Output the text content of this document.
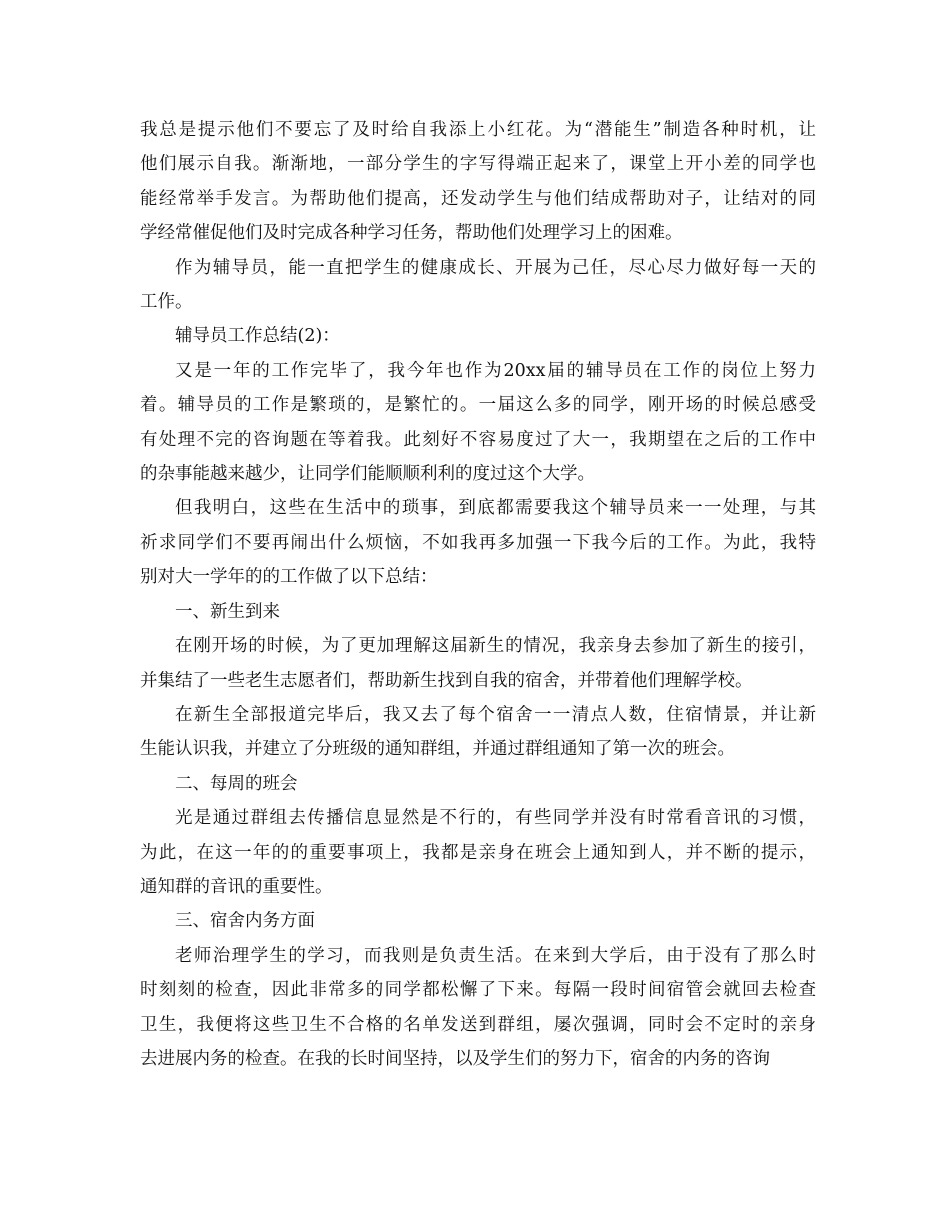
我总是提示他们不要忘了及时给自我添上小红花。为“潜能生”制造各种时机，让
他们展示自我。渐渐地，一部分学生的字写得端正起来了，课堂上开小差的同学也
能经常举手发言。为帮助他们提高，还发动学生与他们结成帮助对子，让结对的同
学经常催促他们及时完成各种学习任务，帮助他们处理学习上的困难。
作为辅导员，能一直把学生的健康成长、开展为己任，尽心尽力做好每一天的
工作。
辅导员工作总结(2)：
又是一年的工作完毕了，我今年也作为20xx届的辅导员在工作的岗位上努力
着。辅导员的工作是繁琐的，是繁忙的。一届这么多的同学，刚开场的时候总感受
有处理不完的咨询题在等着我。此刻好不容易度过了大一，我期望在之后的工作中
的杂事能越来越少，让同学们能顺顺利利的度过这个大学。
但我明白，这些在生活中的琐事，到底都需要我这个辅导员来一一处理，与其
祈求同学们不要再闹出什么烦恼，不如我再多加强一下我今后的工作。为此，我特
别对大一学年的的工作做了以下总结：
一、新生到来
在刚开场的时候，为了更加理解这届新生的情况，我亲身去参加了新生的接引，
并集结了一些老生志愿者们，帮助新生找到自我的宿舍，并带着他们理解学校。
在新生全部报道完毕后，我又去了每个宿舍一一清点人数，住宿情景，并让新
生能认识我，并建立了分班级的通知群组，并通过群组通知了第一次的班会。
二、每周的班会
光是通过群组去传播信息显然是不行的，有些同学并没有时常看音讯的习惯，
为此，在这一年的的重要事项上，我都是亲身在班会上通知到人，并不断的提示，
通知群的音讯的重要性。
三、宿舍内务方面
老师治理学生的学习，而我则是负责生活。在来到大学后，由于没有了那么时
时刻刻的检查，因此非常多的同学都松懈了下来。每隔一段时间宿管会就回去检查
卫生，我便将这些卫生不合格的名单发送到群组，屡次强调，同时会不定时的亲身
去进展内务的检查。在我的长时间坚持，以及学生们的努力下，宿舍的内务的咨询
